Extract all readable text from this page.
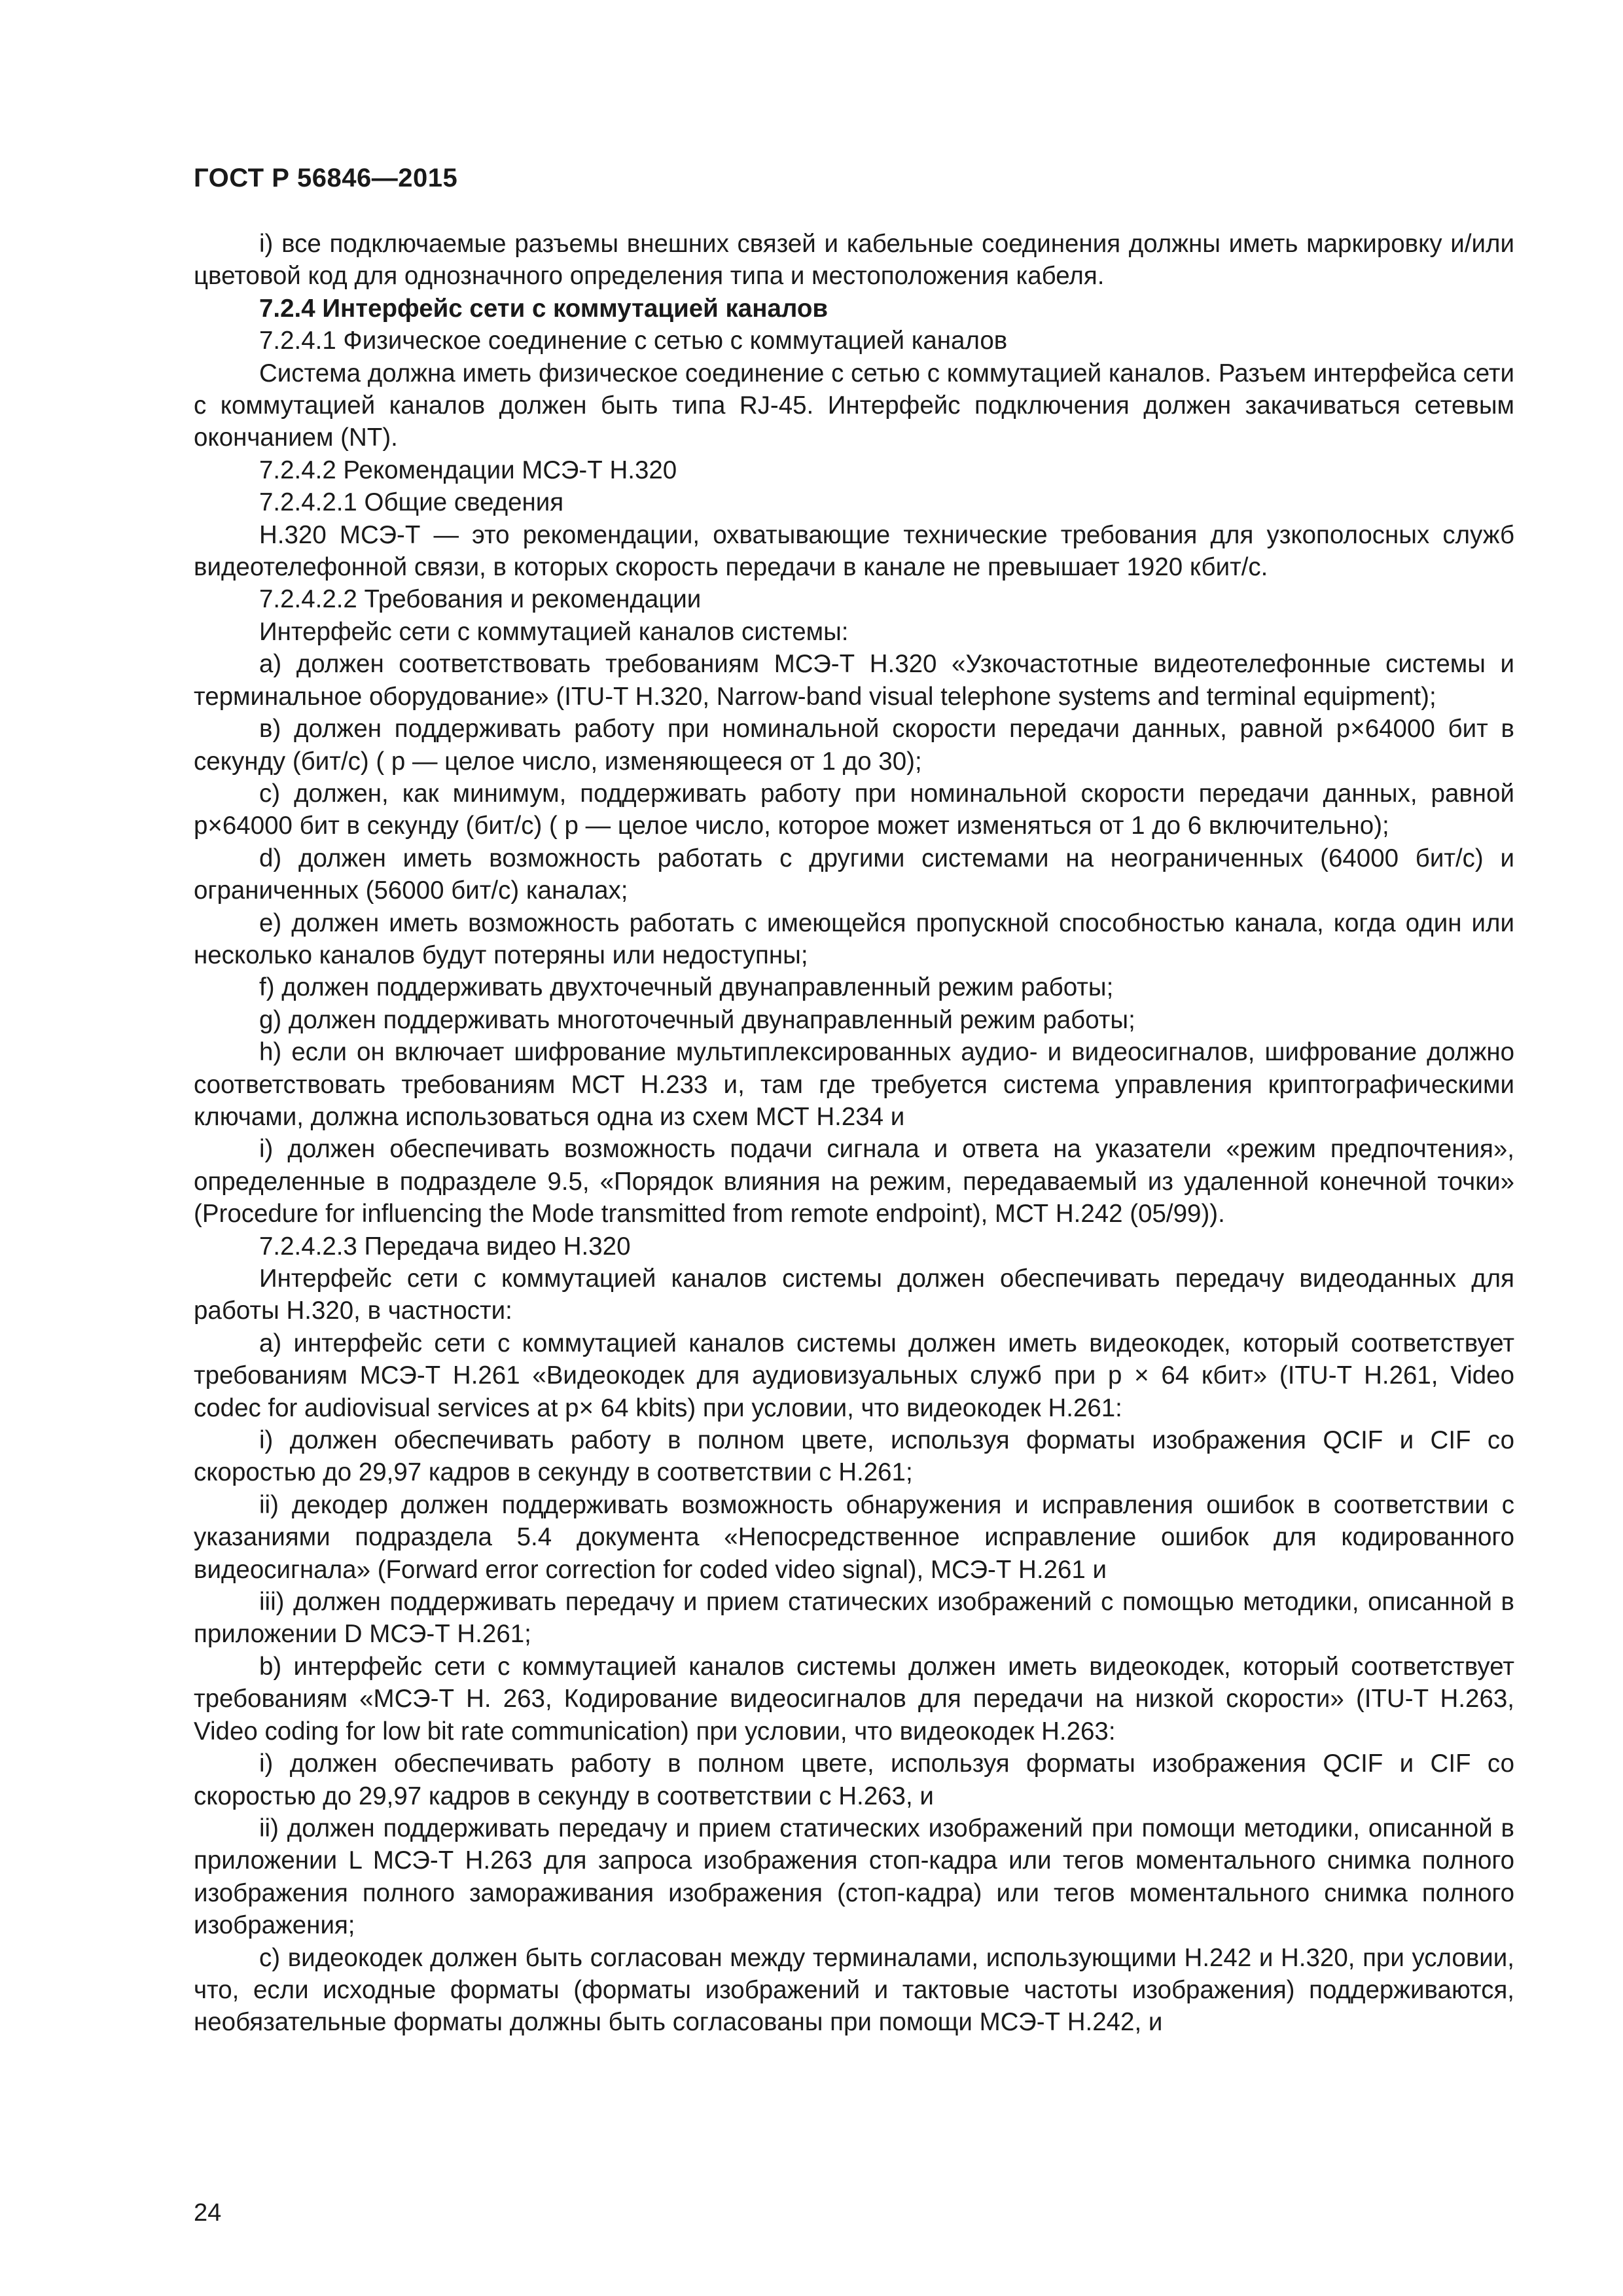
ГОСТ Р 56846—2015

i) все подключаемые разъемы внешних связей и кабельные соединения должны иметь маркировку и/или цветовой код для однозначного определения типа и местоположения кабеля.

7.2.4 Интерфейс сети с коммутацией каналов

7.2.4.1 Физическое соединение с сетью с коммутацией каналов

Система должна иметь физическое соединение с сетью с коммутацией каналов. Разъем интерфейса сети с коммутацией каналов должен быть типа RJ-45. Интерфейс подключения должен закачиваться сетевым окончанием (NT).

7.2.4.2 Рекомендации МСЭ-Т Н.320

7.2.4.2.1 Общие сведения

Н.320 МСЭ-Т — это рекомендации, охватывающие технические требования для узкополосных служб видеотелефонной связи, в которых скорость передачи в канале не превышает 1920 кбит/с.

7.2.4.2.2 Требования и рекомендации

Интерфейс сети с коммутацией каналов системы:

а) должен соответствовать требованиям МСЭ-Т Н.320 «Узкочастотные видеотелефонные системы и терминальное оборудование» (ITU-T H.320, Narrow-band visual telephone systems and terminal equipment);

в) должен поддерживать работу при номинальной скорости передачи данных, равной p×64000 бит в секунду (бит/с) ( p — целое число, изменяющееся от 1 до 30);

с) должен, как минимум, поддерживать работу при номинальной скорости передачи данных, равной p×64000 бит в секунду (бит/с) ( p — целое число, которое может изменяться от 1 до 6 включительно);

d) должен иметь возможность работать с другими системами на неограниченных (64000 бит/с) и ограниченных (56000 бит/с) каналах;

е) должен иметь возможность работать с имеющейся пропускной способностью канала, когда один или несколько каналов будут потеряны или недоступны;

f) должен поддерживать двухточечный двунаправленный режим работы;

g) должен поддерживать многоточечный двунаправленный режим работы;

h) если он включает шифрование мультиплексированных аудио- и видеосигналов, шифрование должно соответствовать требованиям МСТ Н.233 и, там где требуется система управления криптографическими ключами, должна использоваться одна из схем МСТ Н.234 и

i) должен обеспечивать возможность подачи сигнала и ответа на указатели «режим предпочтения», определенные в подразделе 9.5, «Порядок влияния на режим, передаваемый из удаленной конечной точки» (Procedure for influencing the Mode transmitted from remote endpoint), МСТ Н.242 (05/99)).

7.2.4.2.3 Передача видео Н.320

Интерфейс сети с коммутацией каналов системы должен обеспечивать передачу видеоданных для работы Н.320, в частности:

а) интерфейс сети с коммутацией каналов системы должен иметь видеокодек, который соответствует требованиям МСЭ-Т Н.261 «Видеокодек для аудиовизуальных служб при p × 64 кбит» (ITU-T H.261, Video codec for audiovisual services at p× 64 kbits) при условии, что видеокодек Н.261:

i) должен обеспечивать работу в полном цвете, используя форматы изображения QCIF и CIF со скоростью до 29,97 кадров в секунду в соответствии с Н.261;

ii) декодер должен поддерживать возможность обнаружения и исправления ошибок в соответствии с указаниями подраздела 5.4 документа «Непосредственное исправление ошибок для кодированного видеосигнала» (Forward error correction for coded video signal), МСЭ-Т Н.261 и

iii) должен поддерживать передачу и прием статических изображений с помощью методики, описанной в приложении D МСЭ-Т Н.261;

b) интерфейс сети с коммутацией каналов системы должен иметь видеокодек, который соответствует требованиям «МСЭ-Т Н. 263, Кодирование видеосигналов для передачи на низкой скорости» (ITU-T H.263, Video coding for low bit rate communication) при условии, что видеокодек Н.263:

i) должен обеспечивать работу в полном цвете, используя форматы изображения QCIF и CIF со скоростью до 29,97 кадров в секунду в соответствии с Н.263, и

ii) должен поддерживать передачу и прием статических изображений при помощи методики, описанной в приложении L МСЭ-Т Н.263 для запроса изображения стоп-кадра или тегов моментального снимка полного изображения полного замораживания изображения (стоп-кадра) или тегов моментального снимка полного изображения;

с) видеокодек должен быть согласован между терминалами, использующими Н.242 и Н.320, при условии, что, если исходные форматы (форматы изображений и тактовые частоты изображения) поддерживаются, необязательные форматы должны быть согласованы при помощи МСЭ-Т Н.242, и

24
